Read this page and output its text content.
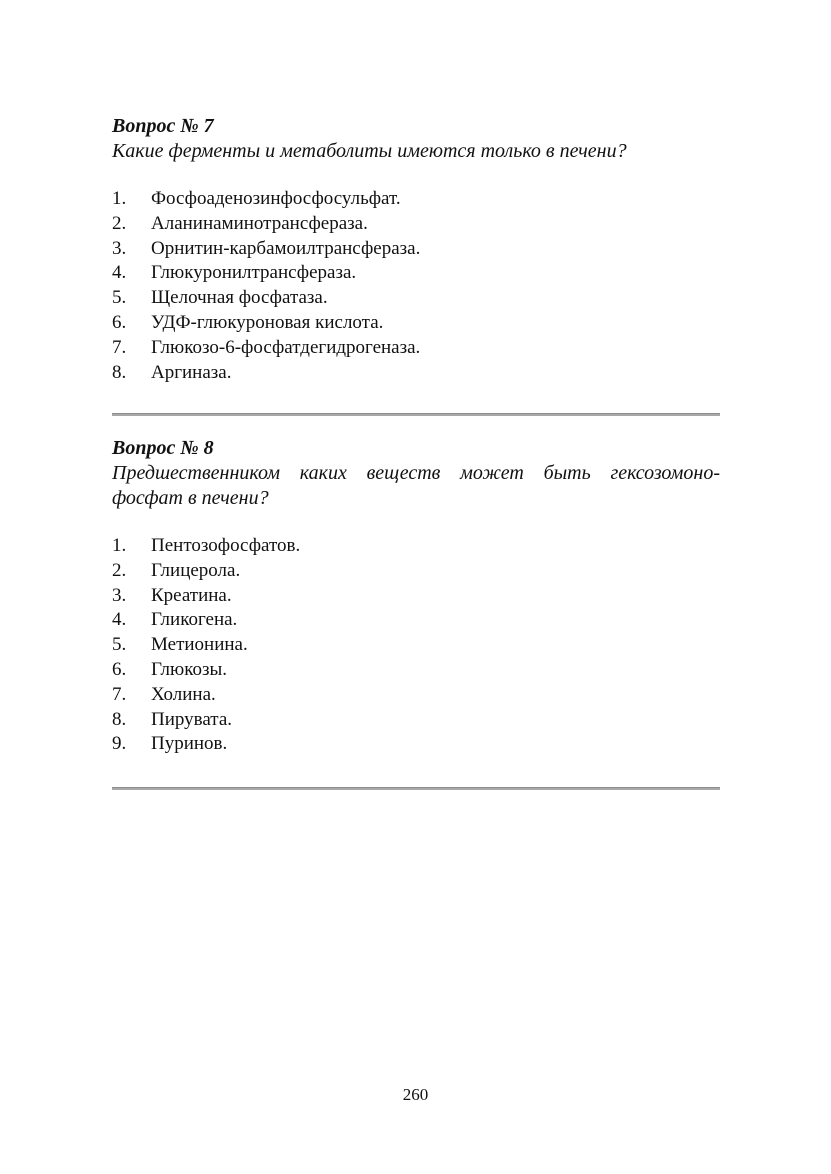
Вопрос № 7

Какие ферменты и метаболиты имеются только в печени?

1.	Фосфоаденозинфосфосульфат.
2.	Аланинаминотрансфераза.
3.	Орнитин-карбамоилтрансфераза.
4.	Глюкуронилтрансфераза.
5.	Щелочная фосфатаза.
6.	УДФ-глюкуроновая кислота.
7.	Глюкозо-6-фосфатдегидрогеназа.
8.	Аргиназа.

Вопрос № 8

Предшественником каких веществ может быть гексозомоно-
фосфат в печени?

1.	Пентозофосфатов.
2.	Глицерола.
3.	Креатина.
4.	Гликогена.
5.	Метионина.
6.	Глюкозы.
7.	Холина.
8.	Пирувата.
9.	Пуринов.
260
